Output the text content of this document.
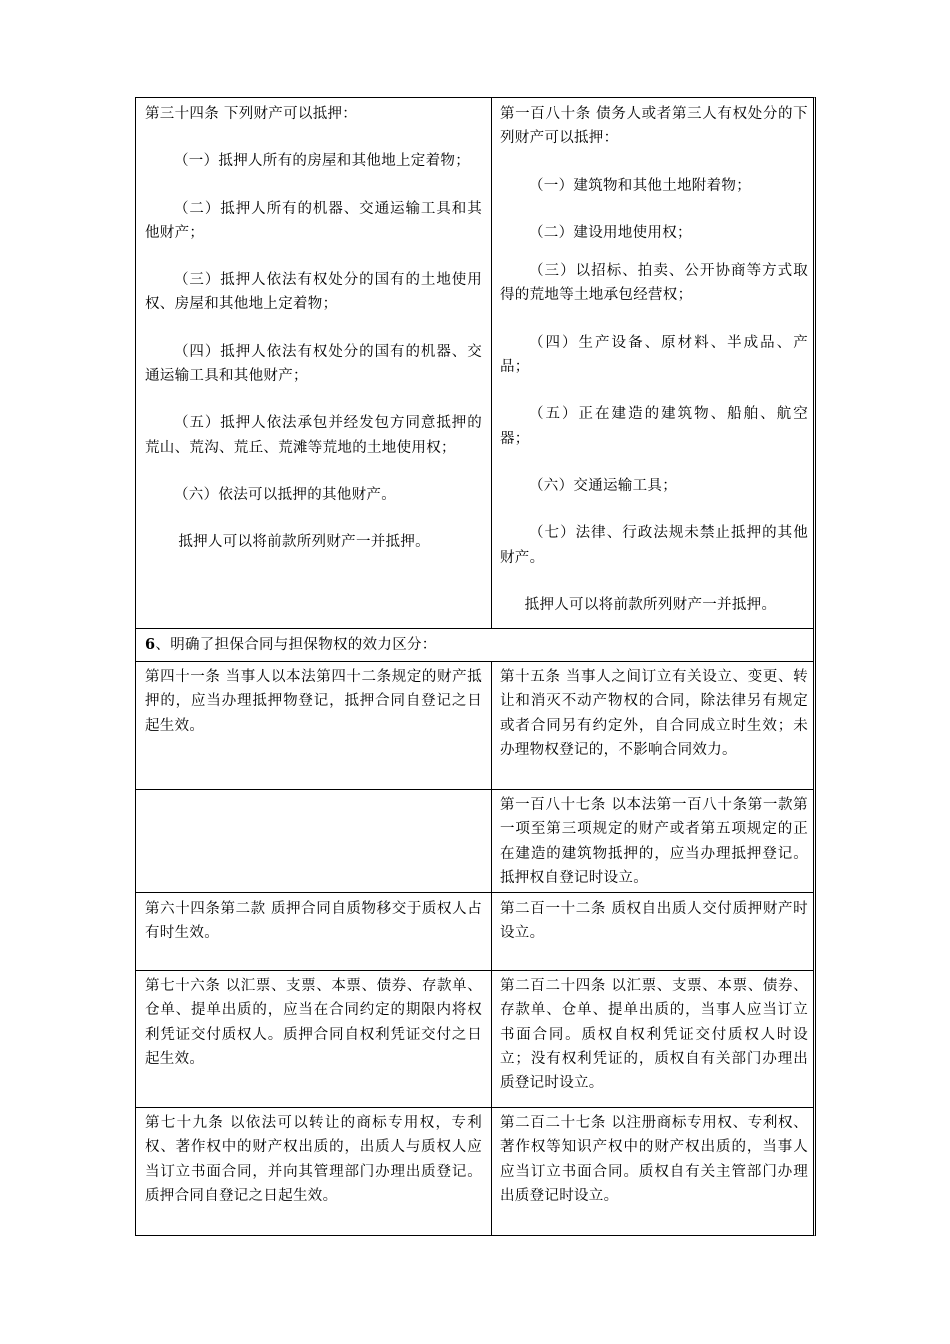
第三十四条 下列财产可以抵押：

（一）抵押人所有的房屋和其他地上定着物；

（二）抵押人所有的机器、交通运输工具和其他财产；

（三）抵押人依法有权处分的国有的土地使用权、房屋和其他地上定着物；

（四）抵押人依法有权处分的国有的机器、交通运输工具和其他财产；

（五）抵押人依法承包并经发包方同意抵押的荒山、荒沟、荒丘、荒滩等荒地的土地使用权；

（六）依法可以抵押的其他财产。

抵押人可以将前款所列财产一并抵押。

第一百八十条 债务人或者第三人有权处分的下列财产可以抵押：

（一）建筑物和其他土地附着物；

（二）建设用地使用权；

（三）以招标、拍卖、公开协商等方式取得的荒地等土地承包经营权；

（四）生产设备、原材料、半成品、产品；

（五）正在建造的建筑物、船舶、航空器；

（六）交通运输工具；

（七）法律、行政法规未禁止抵押的其他财产。

抵押人可以将前款所列财产一并抵押。

6、明确了担保合同与担保物权的效力区分：
第四十一条 当事人以本法第四十二条规定的财产抵押的，应当办理抵押物登记，抵押合同自登记之日起生效。
第十五条 当事人之间订立有关设立、变更、转让和消灭不动产物权的合同，除法律另有规定或者合同另有约定外，自合同成立时生效；未办理物权登记的，不影响合同效力。
第一百八十七条 以本法第一百八十条第一款第一项至第三项规定的财产或者第五项规定的正在建造的建筑物抵押的，应当办理抵押登记。抵押权自登记时设立。
第六十四条第二款 质押合同自质物移交于质权人占有时生效。
第二百一十二条 质权自出质人交付质押财产时设立。
第七十六条 以汇票、支票、本票、债券、存款单、仓单、提单出质的，应当在合同约定的期限内将权利凭证交付质权人。质押合同自权利凭证交付之日起生效。
第二百二十四条 以汇票、支票、本票、债券、存款单、仓单、提单出质的，当事人应当订立书面合同。质权自权利凭证交付质权人时设立；没有权利凭证的，质权自有关部门办理出质登记时设立。
第七十九条 以依法可以转让的商标专用权，专利权、著作权中的财产权出质的，出质人与质权人应当订立书面合同，并向其管理部门办理出质登记。质押合同自登记之日起生效。
第二百二十七条 以注册商标专用权、专利权、著作权等知识产权中的财产权出质的，当事人应当订立书面合同。质权自有关主管部门办理出质登记时设立。
